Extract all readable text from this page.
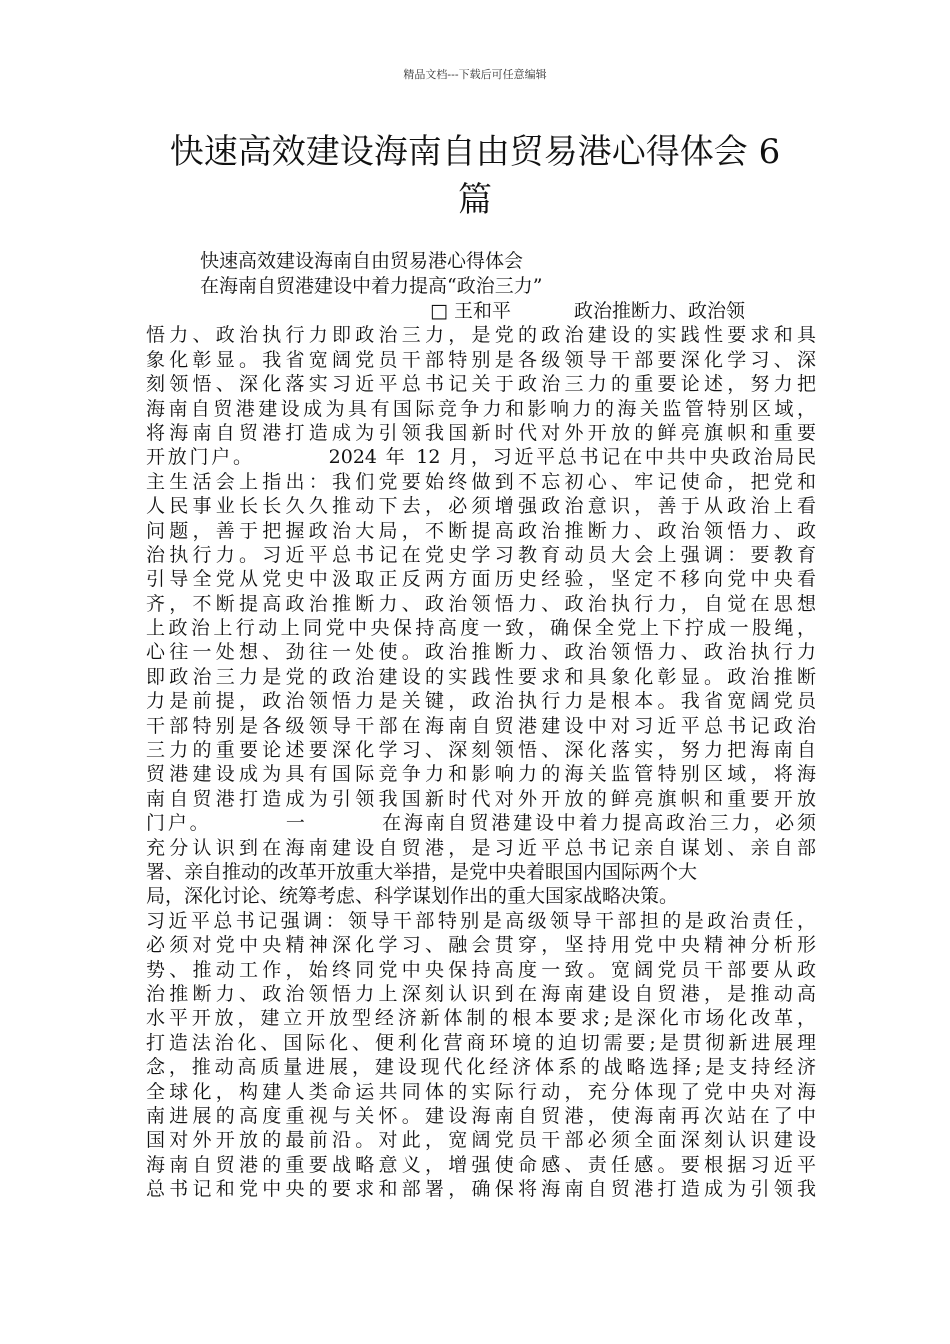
精品文档---下载后可任意编辑
快速高效建设海南自由贸易港心得体会 6
篇
快速高效建设海南自由贸易港心得体会
在海南自贸港建设中着力提高“政治三力”
□ 王和平 　　　政治推断力、政治领
悟力、政治执行力即政治三力，是党的政治建设的实践性要求和具
象化彰显。我省宽阔党员干部特别是各级领导干部要深化学习、深
刻领悟、深化落实习近平总书记关于政治三力的重要论述，努力把
海南自贸港建设成为具有国际竞争力和影响力的海关监管特别区域，
将海南自贸港打造成为引领我国新时代对外开放的鲜亮旗帜和重要
开放门户。 　　　2024 年 12 月，习近平总书记在中共中央政治局民
主生活会上指出：我们党要始终做到不忘初心、牢记使命，把党和
人民事业长长久久推动下去，必须增强政治意识，善于从政治上看
问题，善于把握政治大局，不断提高政治推断力、政治领悟力、政
治执行力。习近平总书记在党史学习教育动员大会上强调：要教育
引导全党从党史中汲取正反两方面历史经验，坚定不移向党中央看
齐，不断提高政治推断力、政治领悟力、政治执行力，自觉在思想
上政治上行动上同党中央保持高度一致，确保全党上下拧成一股绳，
心往一处想、劲往一处使。政治推断力、政治领悟力、政治执行力
即政治三力是党的政治建设的实践性要求和具象化彰显。政治推断
力是前提，政治领悟力是关键，政治执行力是根本。我省宽阔党员
干部特别是各级领导干部在海南自贸港建设中对习近平总书记政治
三力的重要论述要深化学习、深刻领悟、深化落实，努力把海南自
贸港建设成为具有国际竞争力和影响力的海关监管特别区域，将海
南自贸港打造成为引领我国新时代对外开放的鲜亮旗帜和重要开放
门户。 　　　一 　　　在海南自贸港建设中着力提高政治三力，必须
充分认识到在海南建设自贸港，是习近平总书记亲自谋划、亲自部
署、亲自推动的改革开放重大举措，是党中央着眼国内国际两个大
局，深化讨论、统筹考虑、科学谋划作出的重大国家战略决策。
习近平总书记强调：领导干部特别是高级领导干部担的是政治责任，
必须对党中央精神深化学习、融会贯穿，坚持用党中央精神分析形
势、推动工作，始终同党中央保持高度一致。宽阔党员干部要从政
治推断力、政治领悟力上深刻认识到在海南建设自贸港，是推动高
水平开放，建立开放型经济新体制的根本要求;是深化市场化改革，
打造法治化、国际化、便利化营商环境的迫切需要;是贯彻新进展理
念，推动高质量进展，建设现代化经济体系的战略选择;是支持经济
全球化，构建人类命运共同体的实际行动，充分体现了党中央对海
南进展的高度重视与关怀。建设海南自贸港，使海南再次站在了中
国对外开放的最前沿。对此，宽阔党员干部必须全面深刻认识建设
海南自贸港的重要战略意义，增强使命感、责任感。要根据习近平
总书记和党中央的要求和部署，确保将海南自贸港打造成为引领我
